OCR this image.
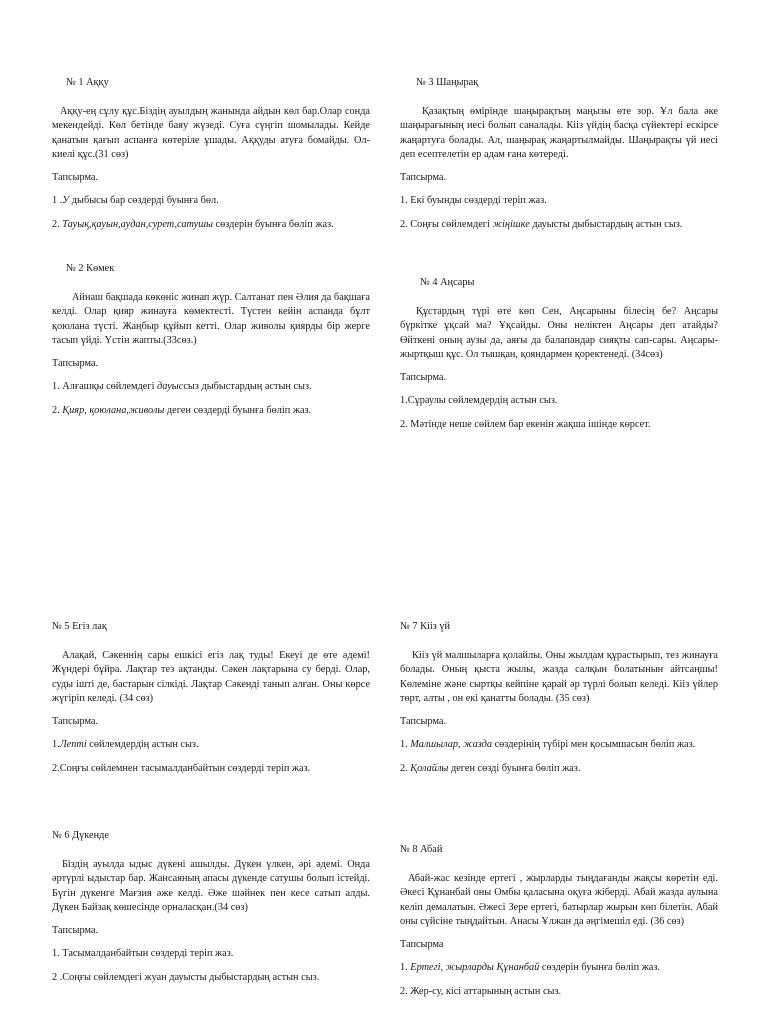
№ 1 Аққу
Аққу-ең сұлу құс.Біздің ауылдың жанында айдын көл бар.Олар сонда мекендейді. Көл бетінде баяу жүзеді. Суға сүңгіп шомылады. Кейде қанатын қағып аспанға көтеріле ұшады. Аққуды атуға бомайды. Ол-киелі құс.(31 сөз)
Тапсырма.
1 .У дыбысы бар сөздерді буынға бөл.
2. Тауық,қауын,аудан,сурет,сатушы сөздерін буынға бөліп жаз.
№ 2 Көмек
Айнаш бақшада көкөніс жинап жүр. Салтанат пен Әлия да бақшаға келді. Олар қияр жинауға көмектесті. Түстен кейін аспанда бұлт қоюлана түсті. Жаңбыр құйып кетті. Олар живолы қиярды бір жерге тасып үйді. Үстін жапты.(33сөз.)
Тапсырма.
1. Алғашқы сөйлемдегі дауыссыз дыбыстардың астын сыз.
2. Қияр, қоюлана,живолы деген сөздерді буынға бөліп жаз.
№ 3 Шаңырақ
Қазақтың өмірінде шаңырақтың маңызы өте зор. Ұл бала әке шаңырағының иесі болып саналады. Кііз үйдің басқа сүйектері ескірсе жаңартуға болады. Ал, шаңырақ жаңартылмайды. Шаңырақты үй иесі деп есептелетін ер адам ғана көтереді.
Тапсырма.
1. Екі буынды сөздерді теріп жаз.
2. Соңғы сөйлемдегі жіңішке дауысты дыбыстардың астын сыз.
№ 4 Аңсары
Құстардың түрі өте көп Сен, Аңсарыны білесің бе? Аңсары бүркітке ұқсай ма? Ұқсайды. Оны неліктен Аңсары деп атайды? Өйткені оның аузы да, аяғы да балапандар сияқты сап-сары. Аңсары-жыртқыш құс. Ол тышқан, қояндармен қоректенеді. (34сөз)
Тапсырма.
1.Сұраулы сөйлемдердің астын сыз.
2. Мәтінде неше сөйлем бар екенін жақша ішінде көрсет.
№ 5 Егіз лақ
Алақай, Сәкеннің сары ешкісі егіз лақ туды! Екеуі де өте әдемі! Жүндері бұйра. Лақтар тез ақтанды. Сәкен лақтарына су берді. Олар, суды ішті де, бастарын сілкіді. Лақтар Сәкенді танып алған. Оны көрсе жүгіріп келеді. (34 сөз)
Тапсырма.
1.Лепті сөйлемдердің астын сыз.
2.Соңғы сөйлемнен тасымалданбайтын сөздерді теріп жаз.
№ 6 Дүкенде
Біздің ауылда ыдыс дүкені ашылды. Дүкен үлкен, әрі әдемі. Онда әртүрлі ыдыстар бар. Жансаяның апасы дүкенде сатушы болып істейді. Бүгін дүкенге Мағзия әже келді. Әже шәйнек пен кесе сатып алды. Дүкен Байзақ көшесінде орналасқан.(34 сөз)
Тапсырма.
1. Тасымалданбайтын сөздерді теріп жаз.
2 .Соңғы сөйлемдегі жуан дауысты дыбыстардың астын сыз.
№ 7 Кііз үй
Кііз үй малшыларға қолайлы. Оны жылдам құрастырып, тез жинауға болады. Оның қыста жылы, жазда салқын болатынын айтсаңшы! Көлеміне және сыртқы кейпіне қарай әр түрлі болып келеді. Кііз үйлер төрт, алты , он екі қанатты болады. (35 сөз)
Тапсырма.
1. Малшылар, жазда сөздерінің түбірі мен қосымшасын бөліп жаз.
2. Қолайлы деген сөзді буынға бөліп жаз.
№ 8 Абай
Абай-жас кезінде ертегі , жырларды тыңдағанды жақсы көретін еді. Әкесі Құнанбай оны Омбы қаласына оқуға жіберді. Абай жазда аулына келіп демалатын. Әжесі Зере ертегі, батырлар жырын көп білетін. Абай оны сүйсіне тыңдайтын. Анасы Ұлжан да әңгімешіл еді. (36 сөз)
Тапсырма
1. Ертегі, жырларды Құнанбай сөздерін буынға бөліп жаз.
2. Жер-су, кісі аттарының астын сыз.
